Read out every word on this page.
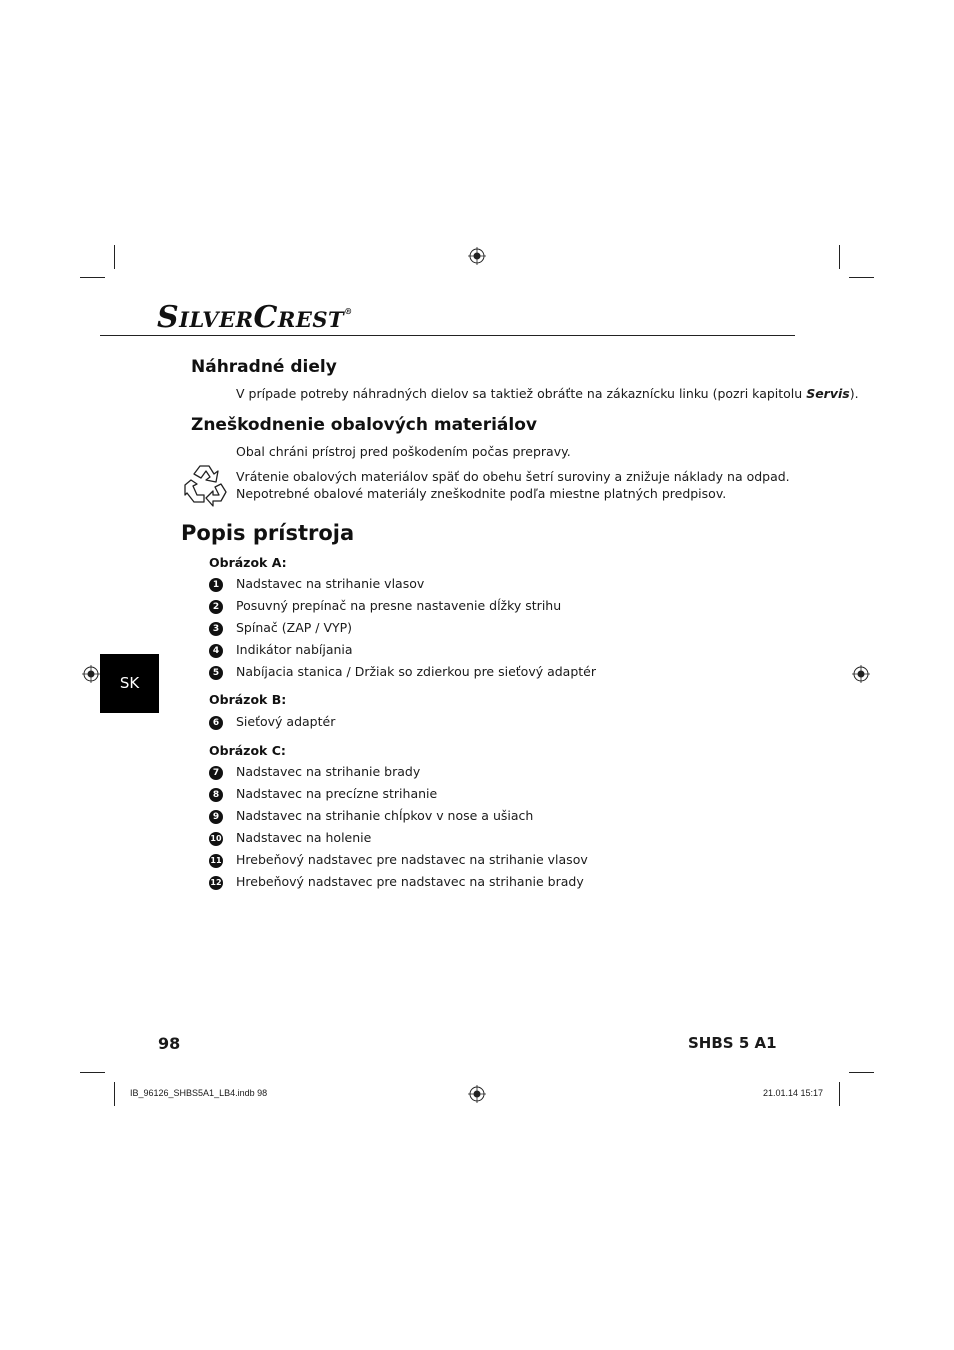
SILVERCREST®
Náhradné diely
V prípade potreby náhradných dielov sa taktiež obráťte na zákaznícku linku (pozri kapitolu Servis).
Zneškodnenie obalových materiálov
Obal chráni prístroj pred poškodením počas prepravy.
Vrátenie obalových materiálov späť do obehu šetrí suroviny a znižuje náklady na odpad.
Nepotrebné obalové materiály zneškodnite podľa miestne platných predpisov.
Popis prístroja
Obrázok A:
1	Nadstavec na strihanie vlasov
2	Posuvný prepínač na presne nastavenie dĺžky strihu
3	Spínač (ZAP / VYP)
4	Indikátor nabíjania
5	Nabíjacia stanica / Držiak so zdierkou pre sieťový adaptér
SK
Obrázok B:
6	Sieťový adaptér
Obrázok C:
7	Nadstavec na strihanie brady
8	Nadstavec na precízne strihanie
9	Nadstavec na strihanie chĺpkov v nose a ušiach
10 Nadstavec na holenie
11 Hrebeňový nadstavec pre nadstavec na strihanie vlasov
12 Hrebeňový nadstavec pre nadstavec na strihanie brady
98	SHBS 5 A1
IB_96126_SHBS5A1_LB4.indb 98	21.01.14 15:17
